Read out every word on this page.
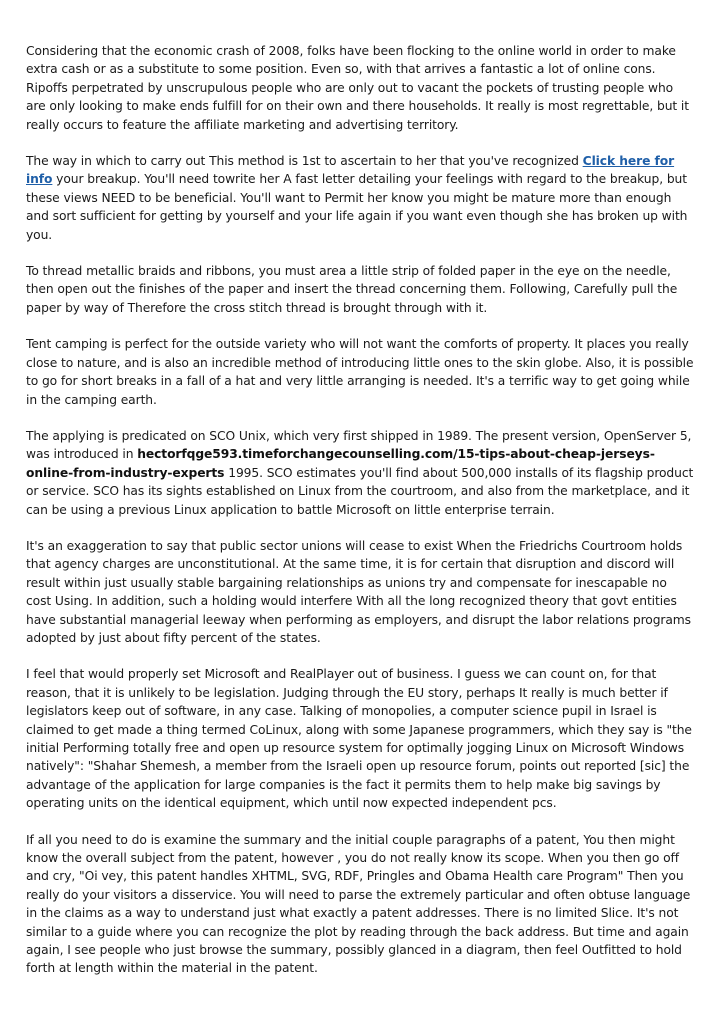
Considering that the economic crash of 2008, folks have been flocking to the online world in order to make extra cash or as a substitute to some position. Even so, with that arrives a fantastic a lot of online cons. Ripoffs perpetrated by unscrupulous people who are only out to vacant the pockets of trusting people who are only looking to make ends fulfill for on their own and there households. It really is most regrettable, but it really occurs to feature the affiliate marketing and advertising territory.

The way in which to carry out This method is 1st to ascertain to her that you've recognized Click here for info your breakup. You'll need towrite her A fast letter detailing your feelings with regard to the breakup, but these views NEED to be beneficial. You'll want to Permit her know you might be mature more than enough and sort sufficient for getting by yourself and your life again if you want even though she has broken up with you.

To thread metallic braids and ribbons, you must area a little strip of folded paper in the eye on the needle, then open out the finishes of the paper and insert the thread concerning them. Following, Carefully pull the paper by way of Therefore the cross stitch thread is brought through with it.

Tent camping is perfect for the outside variety who will not want the comforts of property. It places you really close to nature, and is also an incredible method of introducing little ones to the skin globe. Also, it is possible to go for short breaks in a fall of a hat and very little arranging is needed. It's a terrific way to get going while in the camping earth.

The applying is predicated on SCO Unix, which very first shipped in 1989. The present version, OpenServer 5, was introduced in hectorfqge593.timeforchangecounselling.com/15-tips-about-cheap-jerseys-online-from-industry-experts 1995. SCO estimates you'll find about 500,000 installs of its flagship product or service. SCO has its sights established on Linux from the courtroom, and also from the marketplace, and it can be using a previous Linux application to battle Microsoft on little enterprise terrain.

It's an exaggeration to say that public sector unions will cease to exist When the Friedrichs Courtroom holds that agency charges are unconstitutional. At the same time, it is for certain that disruption and discord will result within just usually stable bargaining relationships as unions try and compensate for inescapable no cost Using. In addition, such a holding would interfere With all the long recognized theory that govt entities have substantial managerial leeway when performing as employers, and disrupt the labor relations programs adopted by just about fifty percent of the states.

I feel that would properly set Microsoft and RealPlayer out of business. I guess we can count on, for that reason, that it is unlikely to be legislation. Judging through the EU story, perhaps It really is much better if legislators keep out of software, in any case. Talking of monopolies, a computer science pupil in Israel is claimed to get made a thing termed CoLinux, along with some Japanese programmers, which they say is "the initial Performing totally free and open up resource system for optimally jogging Linux on Microsoft Windows natively": "Shahar Shemesh, a member from the Israeli open up resource forum, points out reported [sic] the advantage of the application for large companies is the fact it permits them to help make big savings by operating units on the identical equipment, which until now expected independent pcs.

If all you need to do is examine the summary and the initial couple paragraphs of a patent, You then might know the overall subject from the patent, however , you do not really know its scope. When you then go off and cry, "Oi vey, this patent handles XHTML, SVG, RDF, Pringles and Obama Health care Program" Then you really do your visitors a disservice. You will need to parse the extremely particular and often obtuse language in the claims as a way to understand just what exactly a patent addresses. There is no limited Slice. It's not similar to a guide where you can recognize the plot by reading through the back address. But time and again again, I see people who just browse the summary, possibly glanced in a diagram, then feel Outfitted to hold forth at length within the material in the patent.
